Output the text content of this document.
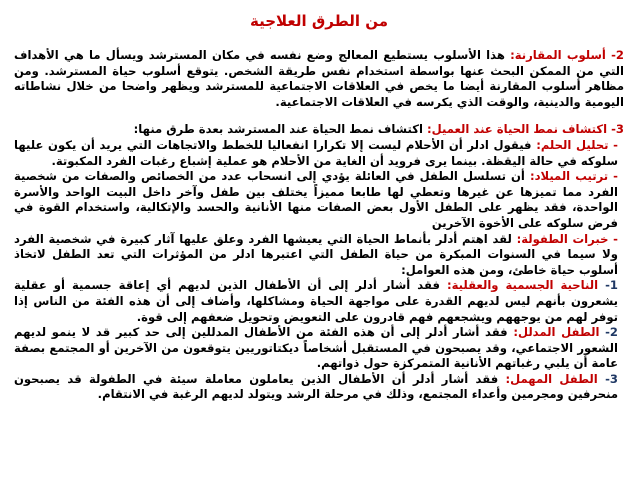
من الطرق العلاجية

2- أسلوب المقارنة: هذا الأسلوب يستطيع المعالج وضع نفسه في مكان المسترشد ويسأل ما هي الأهداف التي من الممكن البحث عنها بواسطة استخدام نفس طريقة الشخص. يتوقع أسلوب حياة المسترشد. ومن مظاهر أسلوب المقارنة أيضا ما يخص في العلاقات الاجتماعية للمسترشد ويظهر واضحا من خلال نشاطاته اليومية والدينية، والوقت الذي يكرسه في العلاقات الاجتماعية.

3- اكتشاف نمط الحياة عند العميل: اكتشاف نمط الحياة عند المسترشد بعدة طرق منها:

- تحليل الحلم: فيقول ادلر أن الأحلام ليست إلا تكرارا انفعاليا للخطط والاتجاهات التي يريد أن يكون عليها سلوكه في حالة اليقظة. بينما يرى فرويد أن الغاية من الأحلام هو عملية إشباع رغبات الفرد المكبوتة.

- ترتيب الميلاد: أن تسلسل الطفل في العائلة يؤدي إلى انسحاب عدد من الخصائص والصفات من شخصية الفرد مما تميزها عن غيرها وتعطي لها طابعا مميزاً يختلف بين طفل وآخر داخل البيت الواحد والأسرة الواحدة، فقد يظهر على الطفل الأول بعض الصفات منها الأنانية والحسد والإتكالية، واستخدام القوة في فرض سلوكه على الأخوة الآخرين

- خبرات الطفولة: لقد اهتم أدلر بأنماط الحياة التي يعيشها الفرد وعلق عليها آثار كبيرة في شخصية الفرد ولا سيما في السنوات المبكرة من حياة الطفل التي اعتبرها ادلر من المؤثرات التي تعد الطفل لاتخاذ أسلوب حياة خاطئ، ومن هذه العوامل:

1- الناحية الجسمية والعقلية: فقد أشار أدلر إلى أن الأطفال الذين لديهم أي إعاقة جسمية أو عقلية يشعرون بأنهم ليس لديهم القدرة على مواجهة الحياة ومشاكلها، وأضاف إلى أن هذه الفئة من الناس إذا توفر لهم من يوجههم ويشجعهم فهم قادرون على التعويض وتحويل ضعفهم إلى قوة.

2- الطفل المدلل: فقد أشار أدلر إلى أن هذه الفئة من الأطفال المدللين إلى حد كبير قد لا ينمو لديهم الشعور الاجتماعي، وقد يصبحون في المستقبل أشخاصاً ديكتاتوريين يتوقعون من الآخرين أو المجتمع بصفة عامة أن يلبي رغباتهم الأنانية المتمركزة حول ذواتهم.

3- الطفل المهمل: فقد أشار أدلر أن الأطفال الذين يعاملون معاملة سيئة في الطفولة قد يصبحون منحرفين ومجرمين وأعداء المجتمع، وذلك في مرحلة الرشد ويتولد لديهم الرغبة في الانتقام.
